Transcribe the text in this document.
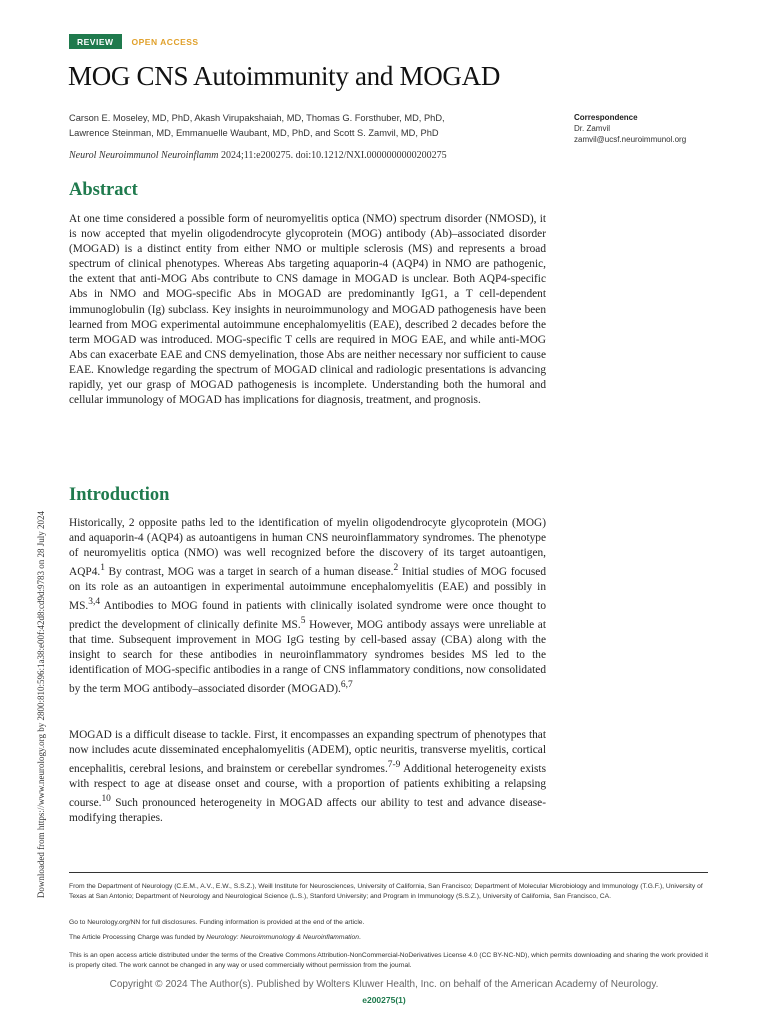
REVIEW	OPEN ACCESS
MOG CNS Autoimmunity and MOGAD
Carson E. Moseley, MD, PhD, Akash Virupakshaiah, MD, Thomas G. Forsthuber, MD, PhD,
Lawrence Steinman, MD, Emmanuelle Waubant, MD, PhD, and Scott S. Zamvil, MD, PhD
Correspondence
Dr. Zamvil
zamvil@ucsf.neuroimmunol.org
Neurol Neuroimmunol Neuroinflamm 2024;11:e200275. doi:10.1212/NXI.0000000000200275
Abstract

At one time considered a possible form of neuromyelitis optica (NMO) spectrum disorder (NMOSD), it is now accepted that myelin oligodendrocyte glycoprotein (MOG) antibody (Ab)–associated disorder (MOGAD) is a distinct entity from either NMO or multiple sclerosis (MS) and represents a broad spectrum of clinical phenotypes. Whereas Abs targeting aquaporin-4 (AQP4) in NMO are pathogenic, the extent that anti-MOG Abs contribute to CNS damage in MOGAD is unclear. Both AQP4-specific Abs in NMO and MOG-specific Abs in MOGAD are predominantly IgG1, a T cell-dependent immunoglobulin (Ig) subclass. Key insights in neuroimmunology and MOGAD pathogenesis have been learned from MOG experimental autoimmune encephalomyelitis (EAE), described 2 decades before the term MOGAD was introduced. MOG-specific T cells are required in MOG EAE, and while anti-MOG Abs can exacerbate EAE and CNS demyelination, those Abs are neither necessary nor sufficient to cause EAE. Knowledge regarding the spectrum of MOGAD clinical and radiologic presentations is advancing rapidly, yet our grasp of MOGAD pathogenesis is incomplete. Understanding both the humoral and cellular immunology of MOGAD has implications for diagnosis, treatment, and prognosis.

Introduction

Historically, 2 opposite paths led to the identification of myelin oligodendrocyte glycoprotein (MOG) and aquaporin-4 (AQP4) as autoantigens in human CNS neuroinflammatory syndromes. The phenotype of neuromyelitis optica (NMO) was well recognized before the discovery of its target autoantigen, AQP4.$^1$ By contrast, MOG was a target in search of a human disease.$^2$ Initial studies of MOG focused on its role as an autoantigen in experimental autoimmune encephalomyelitis (EAE) and possibly in MS.$^{3,4}$ Antibodies to MOG found in patients with clinically isolated syndrome were once thought to predict the development of clinically definite MS.$^5$ However, MOG antibody assays were unreliable at that time. Subsequent improvement in MOG IgG testing by cell-based assay (CBA) along with the insight to search for these antibodies in neuroinflammatory syndromes besides MS led to the identification of MOG-specific antibodies in a range of CNS inflammatory conditions, now consolidated by the term MOG antibody–associated disorder (MOGAD).$^{6,7}$

MOGAD is a difficult disease to tackle. First, it encompasses an expanding spectrum of phenotypes that now includes acute disseminated encephalomyelitis (ADEM), optic neuritis, transverse myelitis, cortical encephalitis, cerebral lesions, and brainstem or cerebellar syndromes.$^{7-9}$ Additional heterogeneity exists with respect to age at disease onset and course, with a proportion of patients exhibiting a relapsing course.$^{10}$ Such pronounced heterogeneity in MOGAD affects our ability to test and advance disease-modifying therapies.

Downloaded from https://www.neurology.org by 2800:810:596:1a38:e00f:42d8:cd9d:9783 on 28 July 2024	From the Department of Neurology (C.E.M., A.V., E.W., S.S.Z.), Weill Institute for Neurosciences, University of California, San Francisco; Department of Molecular Microbiology and Immunology (T.G.F.), University of Texas at San Antonio; Department of Neurology and Neurological Science (L.S.), Stanford University; and Program in Immunology (S.S.Z.), University of California, San Francisco, CA.

Go to Neurology.org/NN for full disclosures. Funding information is provided at the end of the article.

The Article Processing Charge was funded by Neurology: Neuroimmunology & Neuroinflammation.

This is an open access article distributed under the terms of the Creative Commons Attribution-NonCommercial-NoDerivatives License 4.0 (CC BY-NC-ND), which permits downloading and sharing the work provided it is properly cited. The work cannot be changed in any way or used commercially without permission from the journal.

Copyright © 2024 The Author(s). Published by Wolters Kluwer Health, Inc. on behalf of the American Academy of Neurology.
e200275(1)
